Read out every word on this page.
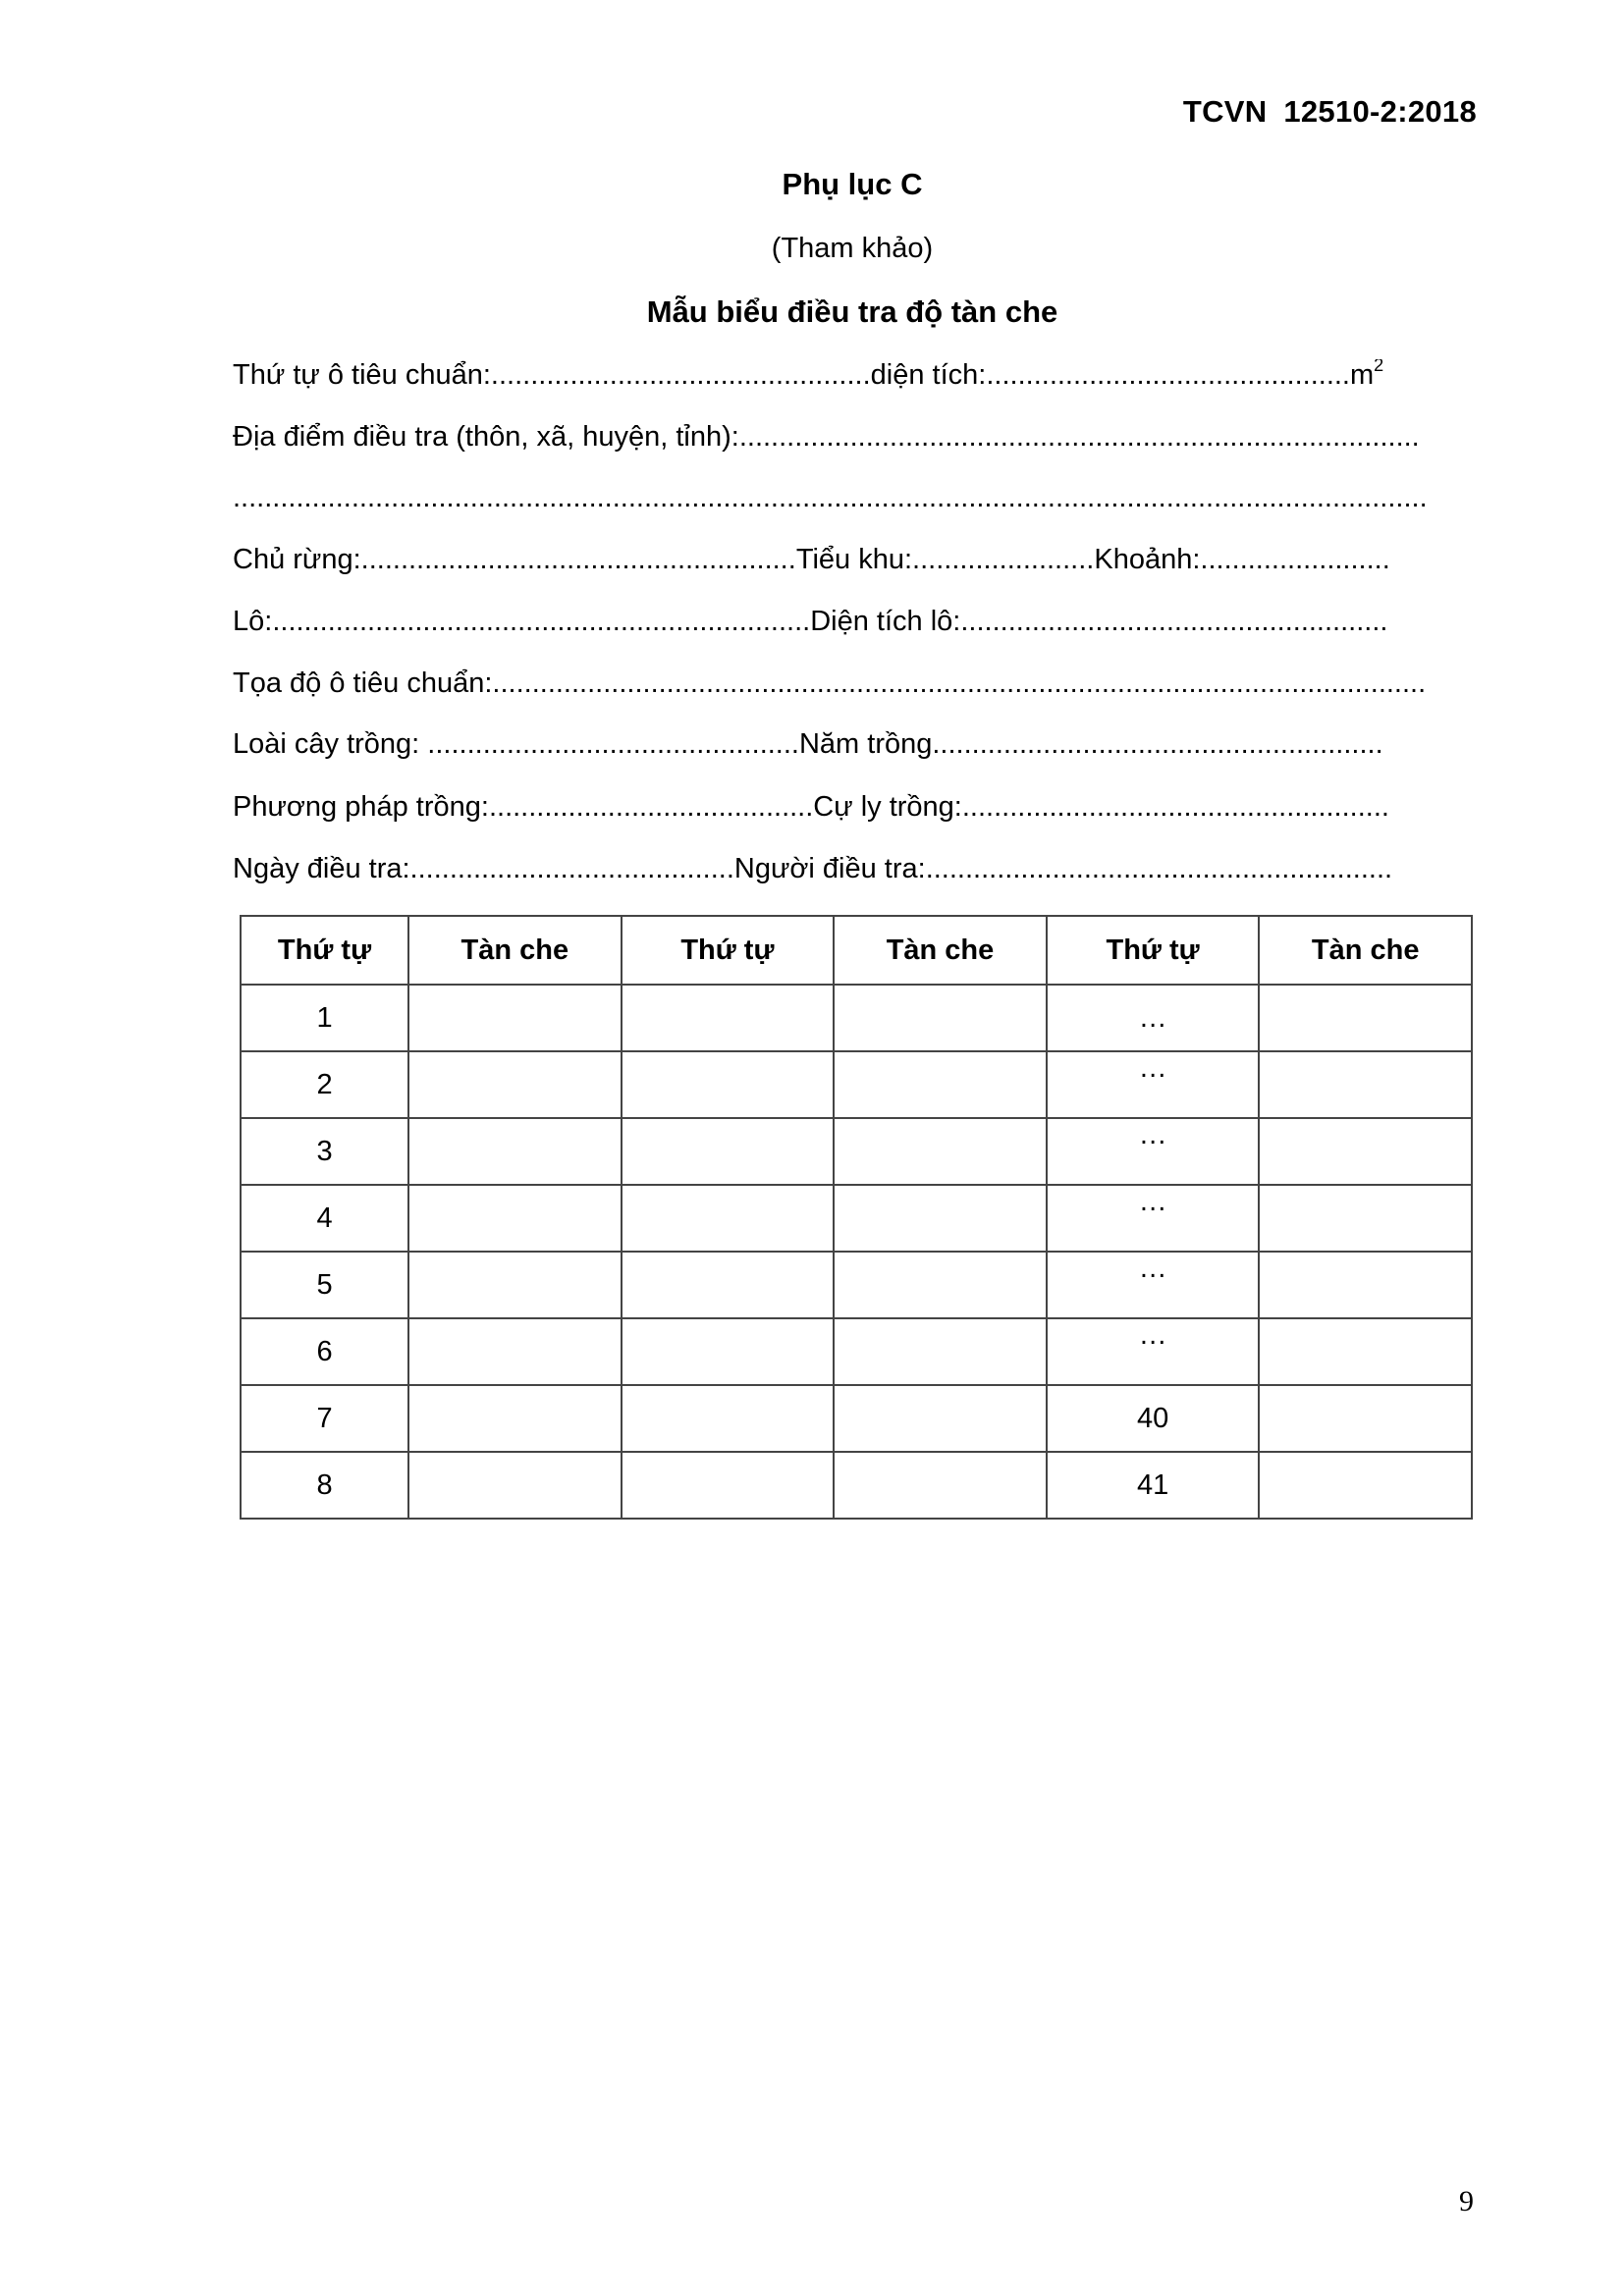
TCVN 12510-2:2018
Phụ lục C
(Tham khảo)
Mẫu biểu điều tra độ tàn che
Thứ tự ô tiêu chuẩn:................................................diện $tích:..............................................m^2$
Địa điểm điều tra (thôn, xã, huyện, tỉnh):......................................................................................
.......................................................................................................................................................
Chủ rừng:.......................................................Tiểu khu:.......................Khoảnh:........................
Lô:....................................................................Diện tích lô:......................................................
Tọa độ ô tiêu chuẩn:......................................................................................................................
Loài cây trồng: ...............................................Năm trồng.........................................................
Phương pháp trồng:.........................................Cự ly trồng:......................................................
Ngày điều tra:.........................................Người điều tra:...........................................................
Thứ tự	Tàn che	Thứ tự	Tàn che	Thứ tự	Tàn che
1				…	
2				…	
3				…	
4				…	
5				…	
6				…	
7				40	
8				41	
9
